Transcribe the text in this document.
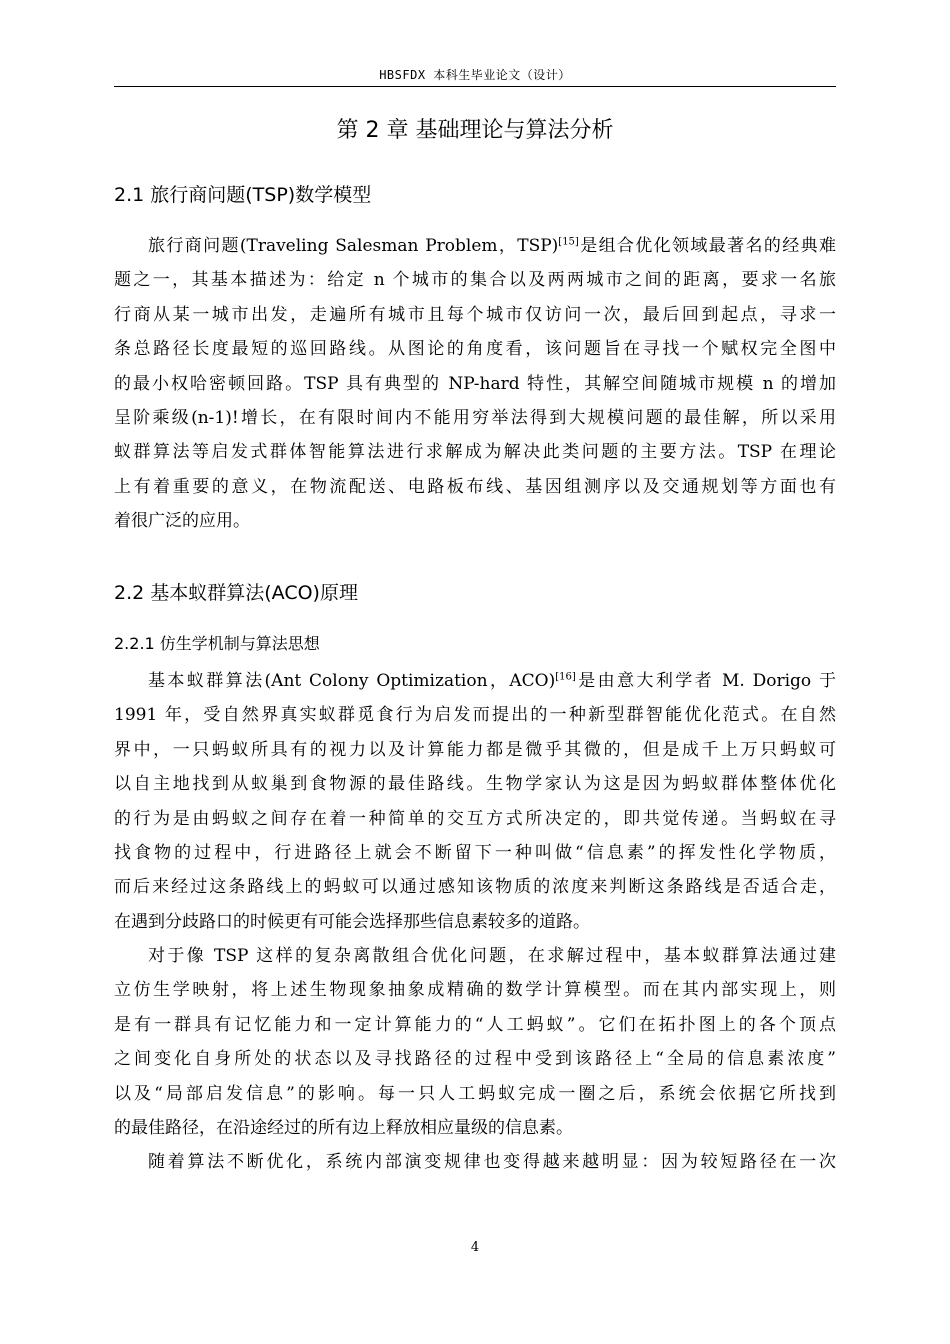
HBSFDX 本科生毕业论文（设计）
第 2 章 基础理论与算法分析
2.1 旅行商问题(TSP)数学模型
旅行商问题(Traveling Salesman Problem，TSP)[15]是组合优化领域最著名的经典难
题之一，其基本描述为：给定 n 个城市的集合以及两两城市之间的距离，要求一名旅
行商从某一城市出发，走遍所有城市且每个城市仅访问一次，最后回到起点，寻求一
条总路径长度最短的巡回路线。从图论的角度看，该问题旨在寻找一个赋权完全图中
的最小权哈密顿回路。TSP 具有典型的 NP-hard 特性，其解空间随城市规模 n 的增加
呈阶乘级(n-1)!增长，在有限时间内不能用穷举法得到大规模问题的最佳解，所以采用
蚁群算法等启发式群体智能算法进行求解成为解决此类问题的主要方法。TSP 在理论
上有着重要的意义，在物流配送、电路板布线、基因组测序以及交通规划等方面也有
着很广泛的应用。
2.2 基本蚁群算法(ACO)原理
2.2.1 仿生学机制与算法思想
基本蚁群算法(Ant Colony Optimization，ACO)[16]是由意大利学者 M. Dorigo 于
1991 年，受自然界真实蚁群觅食行为启发而提出的一种新型群智能优化范式。在自然
界中，一只蚂蚁所具有的视力以及计算能力都是微乎其微的，但是成千上万只蚂蚁可
以自主地找到从蚁巢到食物源的最佳路线。生物学家认为这是因为蚂蚁群体整体优化
的行为是由蚂蚁之间存在着一种简单的交互方式所决定的，即共觉传递。当蚂蚁在寻
找食物的过程中，行进路径上就会不断留下一种叫做“信息素”的挥发性化学物质，
而后来经过这条路线上的蚂蚁可以通过感知该物质的浓度来判断这条路线是否适合走，
在遇到分歧路口的时候更有可能会选择那些信息素较多的道路。
对于像 TSP 这样的复杂离散组合优化问题，在求解过程中，基本蚁群算法通过建
立仿生学映射，将上述生物现象抽象成精确的数学计算模型。而在其内部实现上，则
是有一群具有记忆能力和一定计算能力的“人工蚂蚁”。它们在拓扑图上的各个顶点
之间变化自身所处的状态以及寻找路径的过程中受到该路径上“全局的信息素浓度”
以及“局部启发信息”的影响。每一只人工蚂蚁完成一圈之后，系统会依据它所找到
的最佳路径，在沿途经过的所有边上释放相应量级的信息素。
随着算法不断优化，系统内部演变规律也变得越来越明显：因为较短路径在一次
4
